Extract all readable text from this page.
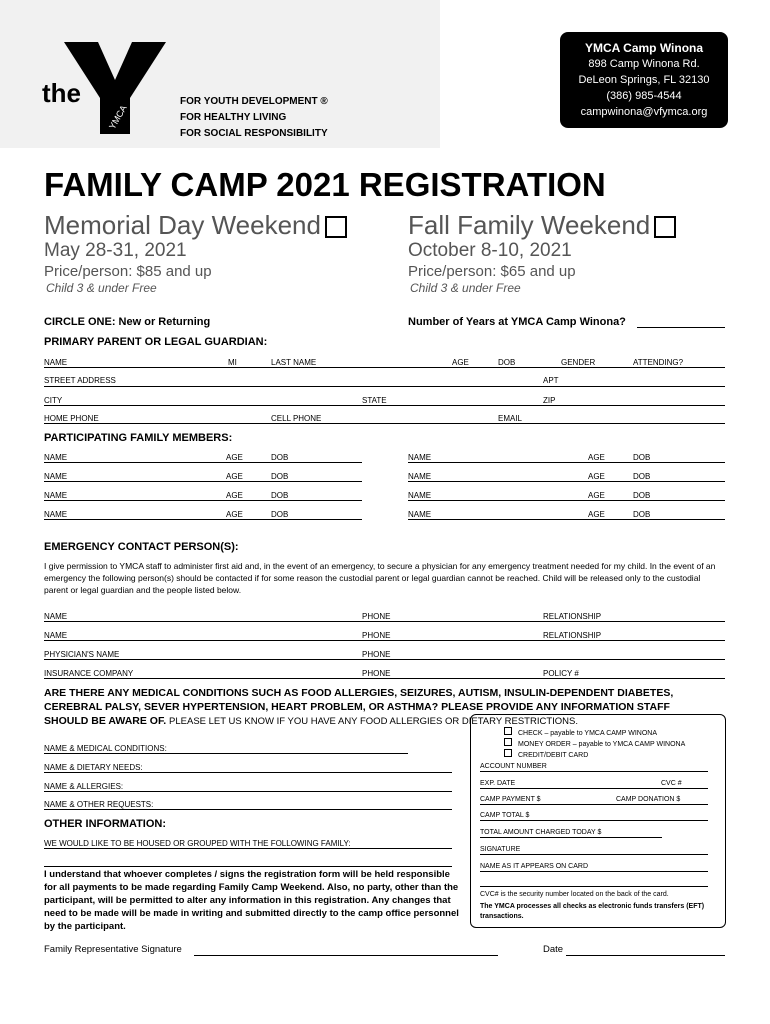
the
YMCA
FOR YOUTH DEVELOPMENT ®
FOR HEALTHY LIVING
FOR SOCIAL RESPONSIBILITY
YMCA Camp Winona
898 Camp Winona Rd.
DeLeon Springs, FL 32130
(386) 985-4544
campwinona@vfymca.org
FAMILY CAMP 2021 REGISTRATION
Memorial Day Weekend
May 28-31, 2021
Price/person: $85 and up
Child 3 & under Free
Fall Family Weekend
October 8-10, 2021
Price/person: $65 and up
Child 3 & under Free
CIRCLE ONE: New or Returning	Number of Years at YMCA Camp Winona?
PRIMARY PARENT OR LEGAL GUARDIAN:
NAME	MI	LAST NAME	AGE	DOB	GENDER	ATTENDING?
STREET ADDRESS	APT
CITY	STATE	ZIP
HOME PHONE	CELL PHONE	EMAIL
PARTICIPATING FAMILY MEMBERS:
NAME	AGE	DOB	NAME	AGE	DOB
NAME	AGE	DOB	NAME	AGE	DOB
NAME	AGE	DOB	NAME	AGE	DOB
NAME	AGE	DOB	NAME	AGE	DOB
EMERGENCY CONTACT PERSON(S):
I give permission to YMCA staff to administer first aid and, in the event of an emergency, to secure a physician for any emergency treatment needed for my child. In the event of an emergency the following person(s) should be contacted if for some reason the custodial parent or legal guardian cannot be reached. Child will be released only to the custodial parent or legal guardian and the people listed below.
NAME	PHONE	RELATIONSHIP
NAME	PHONE	RELATIONSHIP
PHYSICIAN'S NAME	PHONE
INSURANCE COMPANY	PHONE	POLICY #
ARE THERE ANY MEDICAL CONDITIONS SUCH AS FOOD ALLERGIES, SEIZURES, AUTISM, INSULIN-DEPENDENT DIABETES, CEREBRAL PALSY, SEVER HYPERTENSION, HEART PROBLEM, OR ASTHMA? PLEASE PROVIDE ANY INFORMATION STAFF SHOULD BE AWARE OF. PLEASE LET US KNOW IF YOU HAVE ANY FOOD ALLERGIES OR DIETARY RESTRICTIONS.
NAME & MEDICAL CONDITIONS:
NAME & DIETARY NEEDS:
NAME & ALLERGIES:
NAME & OTHER REQUESTS:
OTHER INFORMATION:
WE WOULD LIKE TO BE HOUSED OR GROUPED WITH THE FOLLOWING FAMILY:
I understand that whoever completes / signs the registration form will be held responsible for all payments to be made regarding Family Camp Weekend. Also, no party, other than the participant, will be permitted to alter any information in this registration. Any changes that need to be made will be made in writing and submitted directly to the camp office personnel by the participant.
CHECK – payable to YMCA CAMP WINONA
MONEY ORDER – payable to YMCA CAMP WINONA
CREDIT/DEBIT CARD
ACCOUNT NUMBER
EXP. DATE	CVC #
CAMP PAYMENT $	CAMP DONATION $
CAMP TOTAL $
TOTAL AMOUNT CHARGED TODAY $
SIGNATURE
NAME AS IT APPEARS ON CARD
CVC# is the security number located on the back of the card.
The YMCA processes all checks as electronic funds transfers (EFT) transactions.
Family Representative Signature	Date
